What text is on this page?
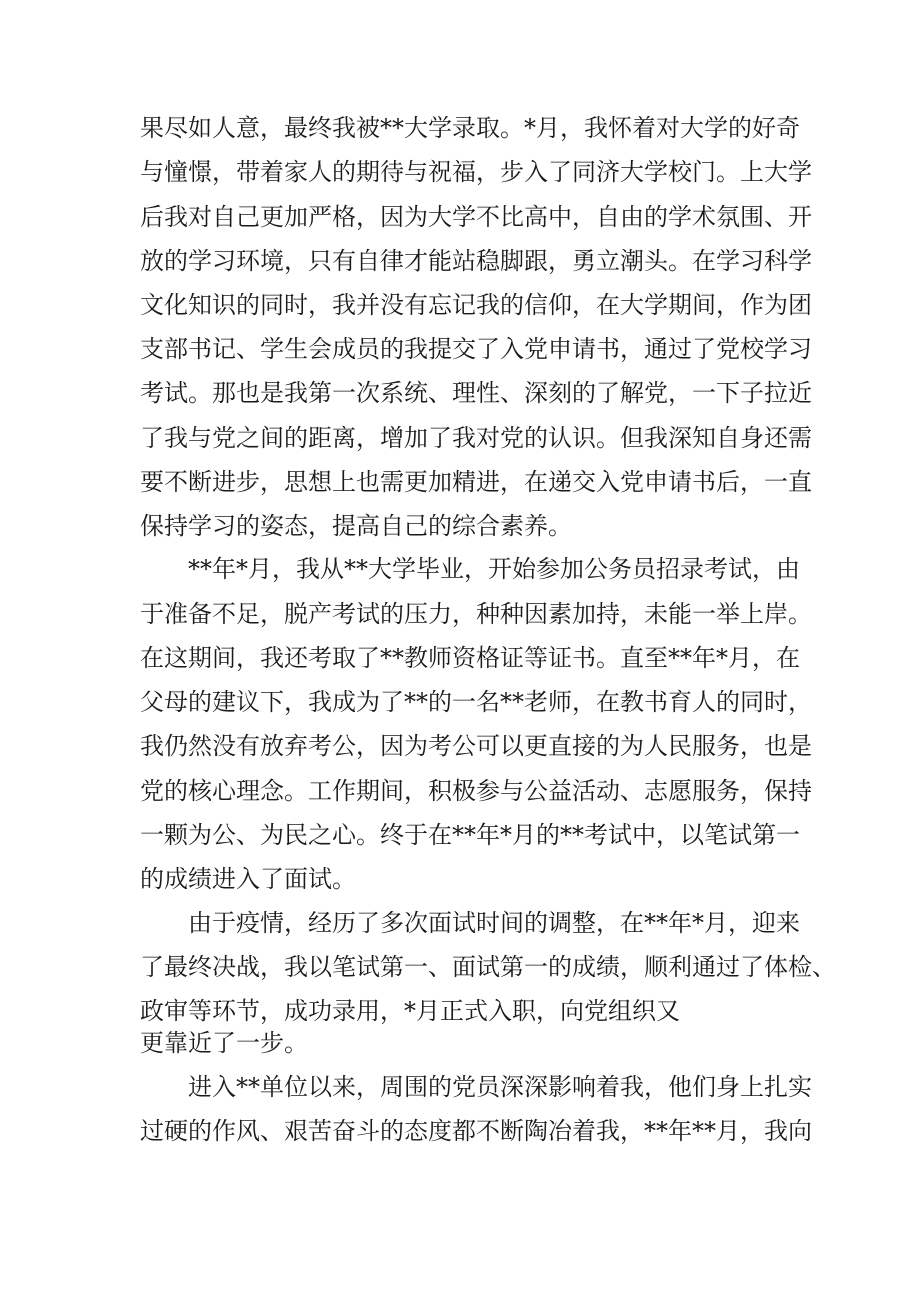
果尽如人意，最终我被**大学录取。*月，我怀着对大学的好奇
与憧憬，带着家人的期待与祝福，步入了同济大学校门。上大学
后我对自己更加严格，因为大学不比高中，自由的学术氛围、开
放的学习环境，只有自律才能站稳脚跟，勇立潮头。在学习科学
文化知识的同时，我并没有忘记我的信仰，在大学期间，作为团
支部书记、学生会成员的我提交了入党申请书，通过了党校学习
考试。那也是我第一次系统、理性、深刻的了解党，一下子拉近
了我与党之间的距离，增加了我对党的认识。但我深知自身还需
要不断进步，思想上也需更加精进，在递交入党申请书后，一直
保持学习的姿态，提高自己的综合素养。
**年*月，我从**大学毕业，开始参加公务员招录考试，由
于准备不足，脱产考试的压力，种种因素加持，未能一举上岸。
在这期间，我还考取了**教师资格证等证书。直至**年*月，在
父母的建议下，我成为了**的一名**老师，在教书育人的同时，
我仍然没有放弃考公，因为考公可以更直接的为人民服务，也是
党的核心理念。工作期间，积极参与公益活动、志愿服务，保持
一颗为公、为民之心。终于在**年*月的**考试中，以笔试第一
的成绩进入了面试。
由于疫情，经历了多次面试时间的调整，在**年*月，迎来
了最终决战，我以笔试第一、面试第一的成绩，顺利通过了体检、
政审等环节，成功录用，*月正式入职，向党组织又
更靠近了一步。
进入**单位以来，周围的党员深深影响着我，他们身上扎实
过硬的作风、艰苦奋斗的态度都不断陶冶着我，**年**月，我向
